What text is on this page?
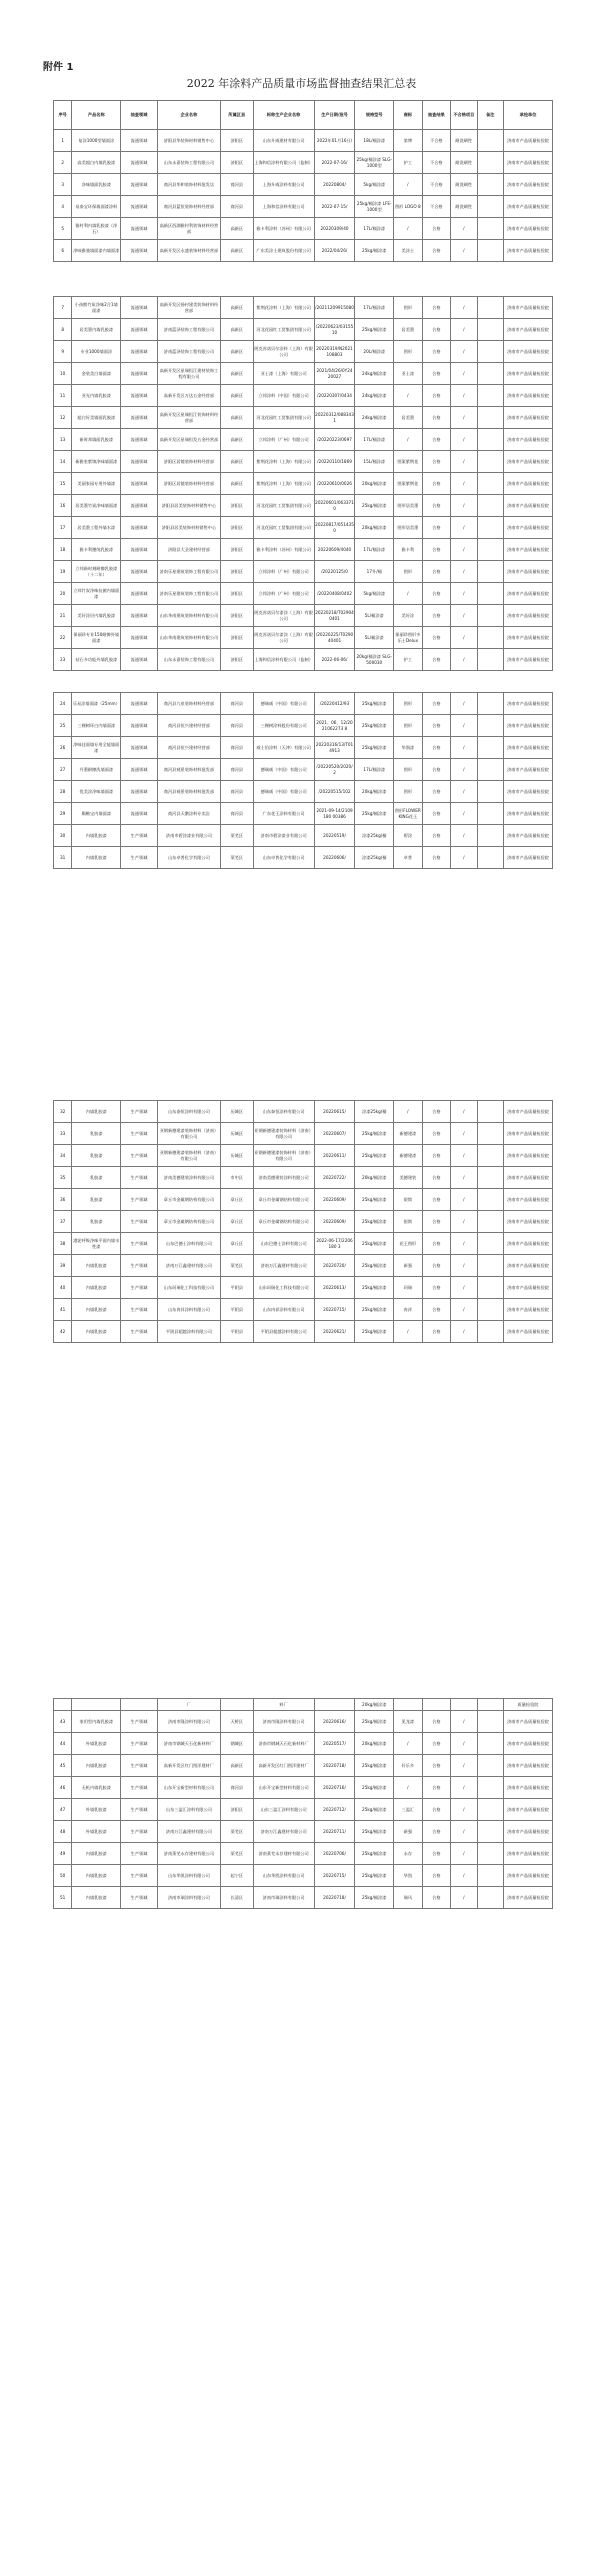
附件 1
2022 年涂料产品质量市场监督抽查结果汇总表
序号	产品名称	抽查领域	企业名称	所属区县	标称生产企业名称	生产日期/批号	规格型号	商标	抽查结果	不合格项目	备注	承检单位
1	复涂1000型墙面涂	流通领域	济阳县华装饰材料销售中心	济阳区	山东升威建材有限公司	2022年01月16日/	18L/桶涂漆	第博	不合格	耐洗刷性		济南市产品质量检验院
2	高美超白内墙乳胶漆	流通领域	山东永嘉装饰工程有限公司	济阳区	上海和信涂料有限公司（监制）	2022-07-16/	25kg/桶涂漆 SLG-1000型	护工	不合格	耐洗刷性		济南市产品质量检验院
3	净味墙面乳胶漆	流通领域	商河县华和装饰材料批发店	商河县	上海升威涂料有限公司	20220804/	5kg/桶涂漆	/	不合格	耐洗刷性		济南市产品质量检验院
4	易泰宝环保墙面漆涂料	流通领域	商河县蓝恒装饰材料经营部	商河县	上海和信涂料有限公司	2022-07-15/	25kg/桶涂漆 LFE-1000型	图形 LOGO 8	不合格	耐洗刷性		济南市产品质量检验院
5	雅村利内墙乳胶漆（净石）	流通领域	高新区西湖雅村利装饰材料经营部	高新区	雅卡利涂料（苏州）有限公司	20220309/40	17L/桶涂漆	/	合格	/		济南市产品质量检验院
6	净味雅骏墙面漆内墙面漆	流通领域	高新开发区永盛装饰材料经营部	高新区	广东美涂士建筑股份有限公司	2022/04/26/	25kg/桶涂漆	美涂士	合格	/		济南市产品质量检验院
7	小孩熊竹炭净味2合1墙面漆	流通领域	高新开发区扬村建美装饰材料经营部	高新区	紫荆花涂料（上海）有限公司	/20211209915080	17L/桶涂漆	图形	合格	/		济南市产品质量检验院
8	居美墨内墙乳胶漆	流通领域	济南蓝泽装饰工程有限公司	高新区	河北花园红工贸集团有限公司	/20220623/0315510	25kg/桶涂漆	居美墨	合格	/		济南市产品质量检验院
9	专业1000墙面涂	流通领域	济南蓝泽装饰工程有限公司	高新区	阿克苏诺贝尔涂料（上海）有限公司	20220319/N2021108803	20L/桶涂漆	图形	合格	/		济南市产品质量检验院
10	金装美白墙面漆	流通领域	高新开发区星瑞恒江建材装饰工程有限公司	高新区	亚士漆（上海）有限公司	2021/04/26/0Y2420027	24kg/桶涂漆	亚士漆	合格	/		济南市产品质量检验院
11	亚光内墙乳胶漆	流通领域	高新开发区万达五金经营部	高新区	立邦涂料（中国）有限公司	/20220307/0434	24kg/桶涂漆	/	合格	/		济南市产品质量检验院
12	超白好美墙面乳胶漆	流通领域	高新开发区星瑞恒江装饰材料经营部	高新区	河北花园红工贸集团有限公司	20220312/0883431	24kg/桶涂漆	居美墨	合格	/		济南市产品质量检验院
13	新时邦墙面乳胶漆	流通领域	高新开发区星瑞恒发五金经营部	高新区	立邦涂料（广州）有限公司	/20220223/0697	17L/桶涂漆	/	合格	/		济南市产品质量检验院
14	新雅室紫锦净味墙面漆	流通领域	济阳区居镜装饰材料经营部	高新区	紫荆花涂料（上海）有限公司	/20220110/1869	15L/桶涂漆	图案紫荆花	合格	/		济南市产品质量检验院
15	美丽家园专用外墙漆	流通领域	济阳区居镜装饰材料经营部	高新区	紫荆花涂料（上海）有限公司	/20220610/0026	20kg/桶涂漆	图案紫荆花	合格	/		济南市产品质量检验院
16	居美墨竹炭净味墙面漆	流通领域	济阳县居美装饰材料销售中心	济阳区	河北花园红工贸集团有限公司	20220601/0633710	25kg/桶涂漆	图形居美墨	合格	/		济南市产品质量检验院
17	居美墨工程外墙水漆	流通领域	济阳县居美装饰材料销售中心	济阳区	河北花园红工贸集团有限公司	20220817/0514350	20kg/桶涂漆	图形居美墨	合格	/		济南市产品质量检验院
18	雅卡利德纯乳胶漆	流通领域	济阳县大圣建材经营部	济阳区	雅卡利涂料（苏州）有限公司	20220609/4040	17L/桶涂漆	雅卡利	合格	/		济南市产品质量检验院
19	立邦新时刻耐擦乳胶漆（十二年）	流通领域	济南乐星建筑装饰工程有限公司	济阳区	立邦涂料（广州）有限公司	/20220125/0	17升/桶	图形	合格	/		济南市产品质量检验院
20	立邦竹炭净味抗菌内墙面漆	流通领域	济南乐星建筑装饰工程有限公司	济阳区	立邦涂料（广州）有限公司	/20220408/0402	5kg/桶涂漆	/	合格	/		济南市产品质量检验院
21	美好涂层内墙乳胶漆	流通领域	山东华南建筑装饰材料有限公司	济阳区	阿克苏诺贝尔漆涂（上海）有限公司	20220218/T029040401	5L/桶涂漆	美好涂	合格	/		济南市产品质量检验院
22	保丽珍专业150耐擦外墙面漆	流通领域	山东华南建筑装饰材料有限公司	济阳区	阿克苏诺贝尔漆涂（上海）有限公司	/20220225/T029040401	5L/桶涂漆	保丽珍图形多乐士Delux	合格	/		济南市产品质量检验院
23	钻石多功能外墙乳胶漆	流通领域	山东永嘉装饰工程有限公司	济阳区	上海和信涂料有限公司（监制）	2022-06-06/	20kg/桶涂漆 SLG-500030	护工	合格	/		济南市产品质量检验院
24	乐易涂墙面漆（25mm）	流通领域	商河县九泉装饰材料经营部	商河县	德瑞威（中国）有限公司	/20220412/93	25kg/桶涂漆	图形	合格	/		济南市产品质量检验院
25	三棵树环白内墙面漆	流通领域	商河县恒兴建材经营部	商河县	三棵树涂料股份有限公司	2021、06、12/2021062273 8	25kg/桶涂漆	图形	合格	/		济南市产品质量检验院
26	净味佳面墙专用全能墙面漆	流通领域	商河县恒兴建材经营部	商河县	威士伯涂料（天津）有限公司	20220316/13/T014913	25kg/桶涂漆	华润漆	合格	/		济南市产品质量检验院
27	丹墨耐擦洗墙面漆	流通领域	商河县观景装饰材料批发部	商河县	德瑞威（中国）有限公司	/20220520/2020/2	17L/桶涂漆	图形	合格	/		济南市产品质量检验院
28	优美涂净味墙面漆	流通领域	商河县观景装饰材料批发部	商河县	德瑞威（中国）有限公司	/20220515/102	20kg/桶涂漆	图形	合格	/		济南市产品质量检验院
29	顺釉宝内墙面漆	流通领域	商河县天鹅涂料专卖店	商河县	广东花王涂料有限公司	2021-09-14/2109180 00386	25kg/桶涂漆	图形FLOWER KING花王	合格	/		济南市产品质量检验院
30	内墙乳胶漆	生产领域	济南市碧涂漆业有限公司	莱芜区	济南市碧涂漆业有限公司	20220519/	涂漆25kg/桶	碧涂	合格	/		济南市产品质量检验院
31	内墙乳胶漆	生产领域	山东卓普化学有限公司	莱芜区	山东卓普化学有限公司	20220606/	涂漆25kg/桶	卓普	合格	/		济南市产品质量检验院
32	内墙乳胶漆	生产领域	山东泰恒涂料有限公司	历城区	山东泰恒涂料有限公司	20220615/	涂漆25kg/桶	/	合格	/		济南市产品质量检验院
33	乳胶漆	生产领域	亚钢新德建漆装饰材料（济南）有限公司	历城区	亚钢新德建漆装饰材料（济南）有限公司	20220607/	25kg/桶涂漆	新德建漆	合格	/		济南市产品质量检验院
34	乳胶漆	生产领域	亚钢新德建漆装饰材料（济南）有限公司	历城区	亚钢新德建漆装饰材料（济南）有限公司	20220611/	25kg/桶涂漆	新德建漆	合格	/		济南市产品质量检验院
35	乳胶漆	生产领域	济南美德建装涂料有限公司	市中区	济南美德建装涂料有限公司	20220722/	20kg/桶涂漆	美德建装	合格	/		济南市产品质量检验院
36	乳胶漆	生产领域	章丘市金属钢结构有限公司	章丘区	章丘市金属钢结构有限公司	20220609/	25kg/桶涂漆	银简	合格	/		济南市产品质量检验院
37	乳胶漆	生产领域	章丘市金属钢结构有限公司	章丘区	章丘市金属钢结构有限公司	20220609/	25kg/桶涂漆	银简	合格	/		济南市产品质量检验院
38	港泥呼吸净味平面内墙水性漆	生产领域	山东巴德士涂料有限公司	章丘区	山东巴德士涂料有限公司	2022-06-17/2206180 3	25kg/桶涂漆	花王图形	合格	/		济南市产品质量检验院
39	内墙乳胶漆	生产领域	济南万江鑫建材有限公司	莱芜区	济南万江鑫建材有限公司	20220720/	25kg/桶涂漆	新强	合格	/		济南市产品质量检验院
40	内墙乳胶漆	生产领域	山东珂瑞化工科技有限公司	平阴县	山东珂瑞化工科技有限公司	20220613/	25kg/桶涂漆	珂瑞	合格	/		济南市产品质量检验院
41	内墙乳胶漆	生产领域	山东冉祥涂料有限公司	平阴县	山东冉祥涂料有限公司	20220715/	25kg/桶涂漆	冉祥	合格	/		济南市产品质量检验院
42	内墙乳胶漆	生产领域	平阴县超越涂料有限公司	平阴县	平阴县超越涂料有限公司	20220621/	25kg/桶涂漆	/	合格	/		济南市产品质量检验院
			厂		料厂		20kg/桶涂漆					质量检验院
43	家用型内墙乳胶漆	生产领域	济南市隆涂料有限公司	天桥区	济南市隆涂料有限公司	20220616/	25kg/桶涂漆	见龙漆	合格	/		济南市产品质量检验院
44	外墙乳胶漆	生产领域	济南市钢城天石化新材料厂	钢城区	济南市钢城天石化新材料厂	20220517/	20kg/桶涂漆	/	合格	/		济南市产品质量检验院
45	内墙乳胶漆	生产领域	高新开发区红门图洋建材厂	高新区	高新开发区红门图洋建材厂	20220718/	25kg/桶涂漆	好乐多	合格	/		济南市产品质量检验院
46	无机内墙乳胶漆	生产领域	山东开宝新型材料有限公司	商河县	山东开宝新型材料有限公司	20220716/	25kg/桶涂漆	/	合格	/		济南市产品质量检验院
47	外墙乳胶漆	生产领域	山东三盈汇涂料有限公司	济阳区	山东三盈汇涂料有限公司	20220712/	25kg/桶涂漆	三盈汇	合格	/		济南市产品质量检验院
48	外墙乳胶漆	生产领域	济南万江鑫建材有限公司	莱芜区	济南万江鑫建材有限公司	20220711/	25kg/桶涂漆	新强	合格	/		济南市产品质量检验院
49	内墙乳胶漆	生产领域	济南莱芜永存建材有限公司	莱芜区	济南莱芜永存建材有限公司	20220706/	25kg/桶涂漆	永存	合格	/		济南市产品质量检验院
50	内墙乳胶漆	生产领域	山东华凯涂料有限公司	起宁区	山东华凯涂料有限公司	20220715/	25kg/桶涂漆	华凯	合格	/		济南市产品质量检验院
51	内墙乳胶漆	生产领域	济南市瑞涂料有限公司	长清区	济南市瑞涂料有限公司	20220718/	25kg/桶涂漆	瑞风	合格	/		济南市产品质量检验院
